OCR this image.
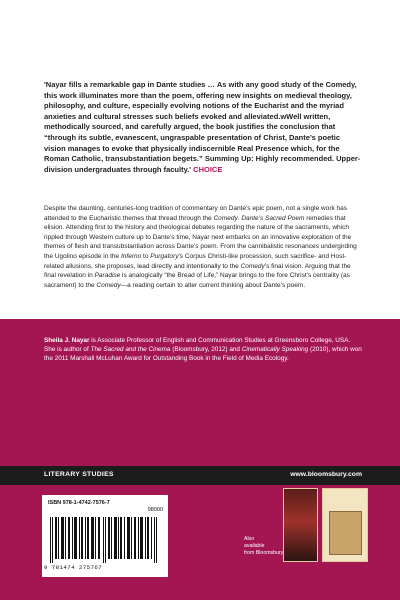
'Nayar fills a remarkable gap in Dante studies … As with any good study of the Comedy, this work illuminates more than the poem, offering new insights on medieval theology, philosophy, and culture, especially evolving notions of the Eucharist and the myriad anxieties and cultural stresses such beliefs evoked and alleviated.wWell written, methodically sourced, and carefully argued, the book justifies the conclusion that “through its subtle, evanescent, ungraspable presentation of Christ, Dante’s poetic vision manages to evoke that physically indiscernible Real Presence which, for the Roman Catholic, transubstantiation begets.” Summing Up: Highly recommended. Upper-division undergraduates through faculty.' CHOICE

Despite the daunting, centuries-long tradition of commentary on Dante’s epic poem, not a single work has attended to the Eucharistic themes that thread through the Comedy. Dante’s Sacred Poem remedies that elision. Attending first to the history and theological debates regarding the nature of the sacraments, which rippled through Western culture up to Dante’s time, Nayar next embarks on an innovative exploration of the themes of flesh and transubstantiation across Dante’s poem. From the cannibalistic resonances undergirding the Ugolino episode in the Inferno to Purgatory’s Corpus Christi-like procession, such sacrifice- and Host-related allusions, she proposes, lead directly and intentionally to the Comedy’s final vision. Arguing that the final revelation in Paradise is analogically “the Bread of Life,” Nayar brings to the fore Christ’s centrality (as sacrament) to the Comedy—a reading certain to alter current thinking about Dante’s poem.

Sheila J. Nayar is Associate Professor of English and Communication Studies at Greensboro College, USA. She is author of The Sacred and the Cinema (Bloomsbury, 2012) and Cinematically Speaking (2010), which won the 2011 Marshall McLuhan Award for Outstanding Book in the Field of Media Ecology.

LITERARY STUDIES	www.bloomsbury.com
ISBN 978-1-4742-7576-7
98000
9 781474 275767
Also
available
from Bloomsbury
